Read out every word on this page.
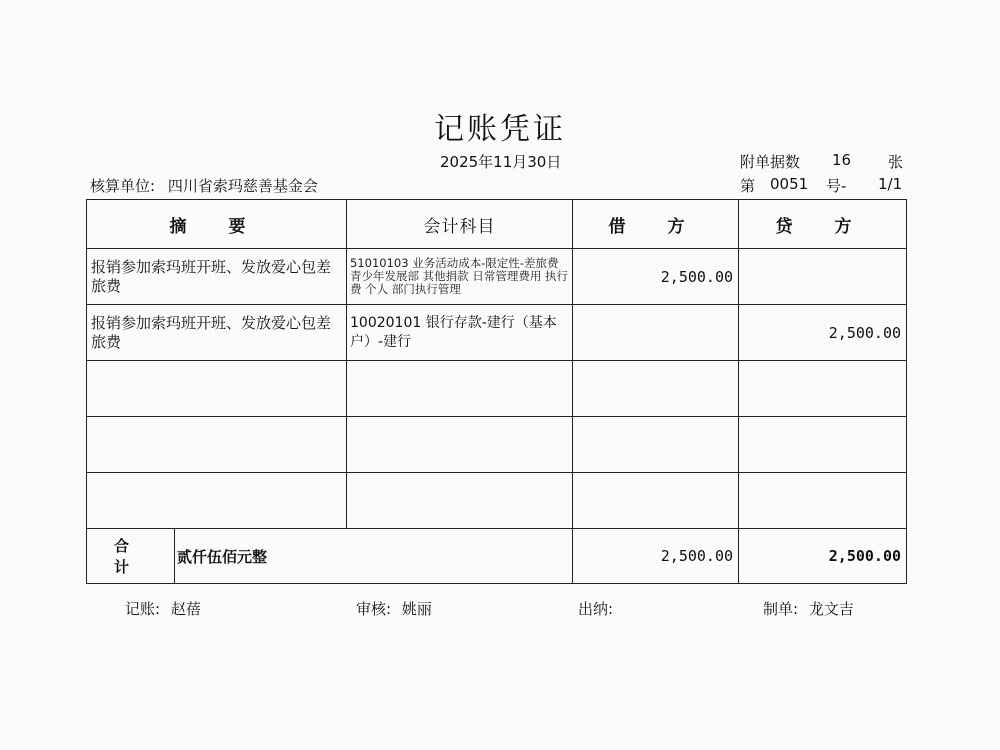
记账凭证
2025年11月30日	附单据数 16 张
核算单位: 四川省索玛慈善基金会	第 0051 号- 1/1
摘 要		会计科目	借 方	贷 方
报销参加索玛班开班、发放爱心包差旅费		51010103 业务活动成本-限定性-差旅费 青少年发展部 其他捐款 日常管理费用 执行费 个人 部门执行管理	2,500.00	
报销参加索玛班开班、发放爱心包差旅费		10020101 银行存款-建行（基本户）-建行		2,500.00

合 计	贰仟伍佰元整		2,500.00	2,500.00
记账: 赵蓓	审核: 姚丽	出纳:	制单: 龙文吉
